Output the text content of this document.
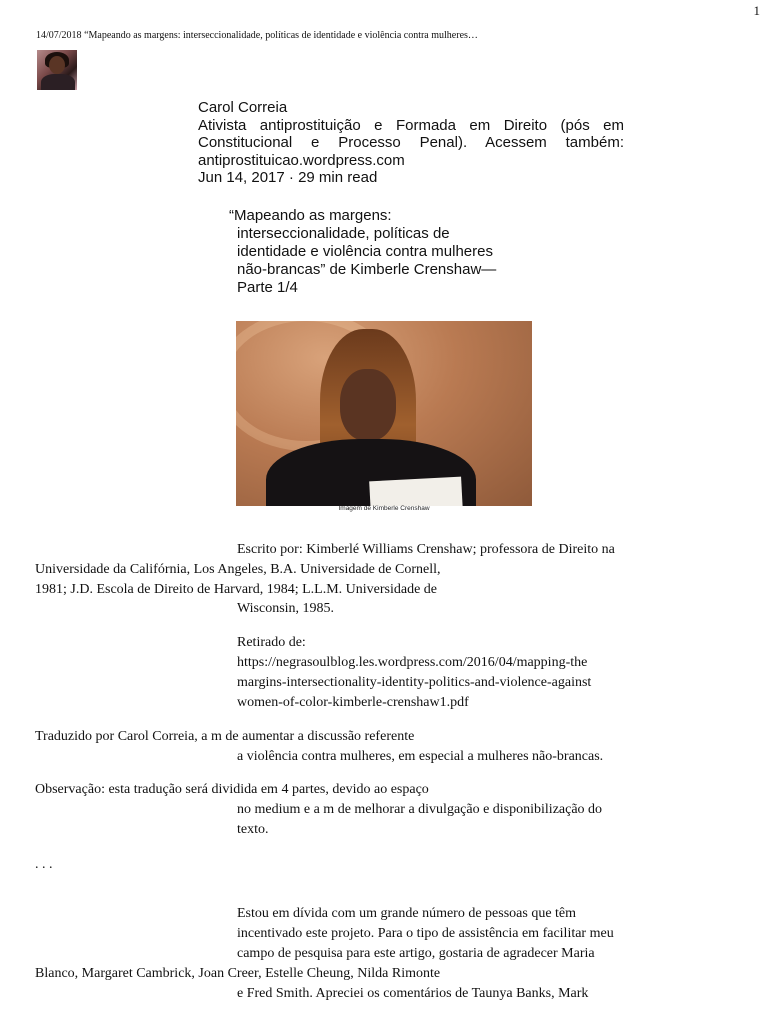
1
14/07/2018 “Mapeando as margens: interseccionalidade, políticas de identidade e violência contra mulheres…
Carol Correia
Ativista antiprostituição e Formada em Direito (pós em Constitucional e Processo Penal). Acessem também: antiprostituicao.wordpress.com
Jun 14, 2017 · 29 min read
“Mapeando as margens:
interseccionalidade, políticas de
identidade e violência contra mulheres
não-brancas” de Kimberle Crenshaw—
Parte 1/4
Imagem de Kimberle Crenshaw
Escrito por: Kimberlé Williams Crenshaw; professora de Direito na
Universidade da Califórnia, Los Angeles, B.A. Universidade de Cornell,
1981; J.D. Escola de Direito de Harvard, 1984; L.L.M. Universidade de
Wisconsin, 1985.
Retirado de:
https://negrasoulblog.les.wordpress.com/2016/04/mapping-the
margins-intersectionality-identity-politics-and-violence-against
women-of-color-kimberle-crenshaw1.pdf
Traduzido por Carol Correia, a m de aumentar a discussão referente
a violência contra mulheres, em especial a mulheres não-brancas.
Observação: esta tradução será dividida em 4 partes, devido ao espaço
no medium e a m de melhorar a divulgação e disponibilização do
texto.
. . .
Estou em dívida com um grande número de pessoas que têm
incentivado este projeto. Para o tipo de assistência em facilitar meu
campo de pesquisa para este artigo, gostaria de agradecer Maria
Blanco, Margaret Cambrick, Joan Creer, Estelle Cheung, Nilda Rimonte
e Fred Smith. Apreciei os comentários de Taunya Banks, Mark
